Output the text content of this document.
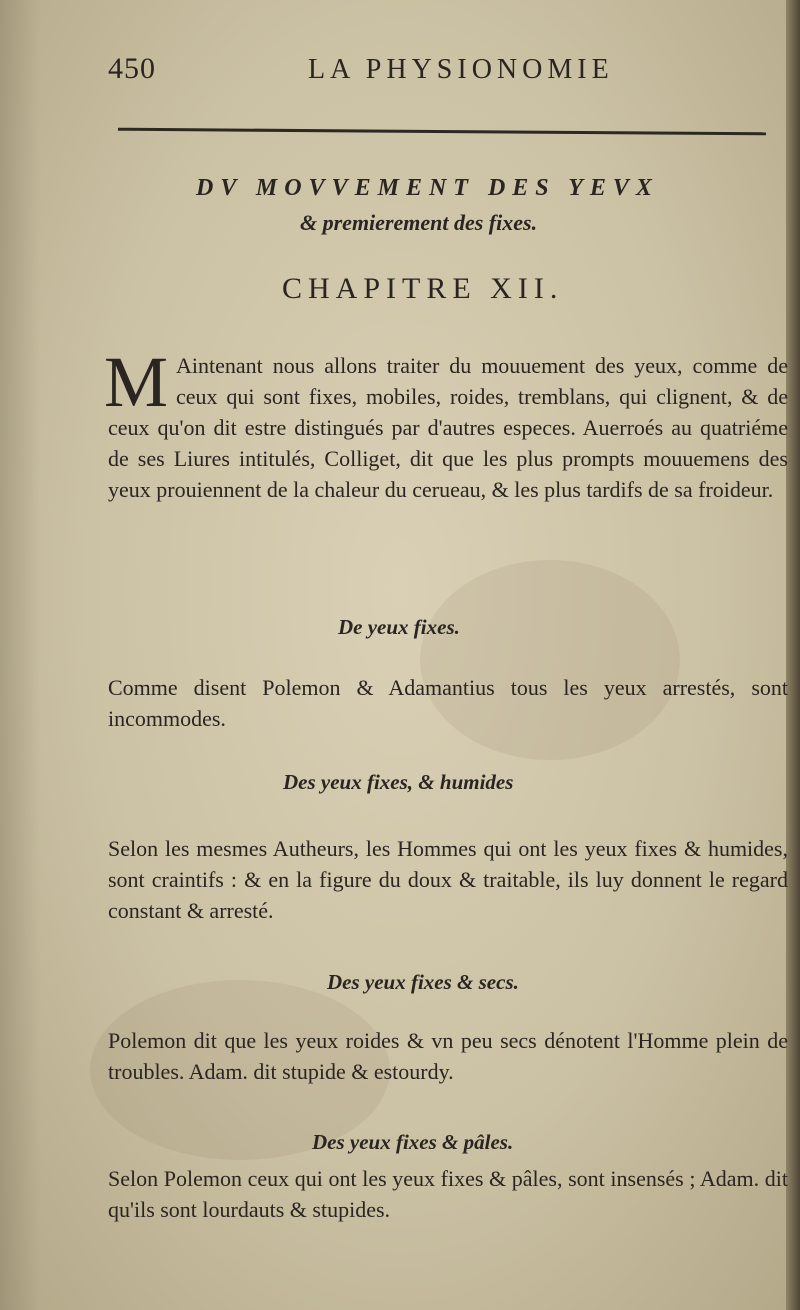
450	LA PHYSIONOMIE
DV MOVVEMENT DES YEVX
& premierement des fixes.
CHAPITRE XII.
M Aintenant nous allons traiter du mouuement des yeux, comme de ceux qui sont fixes, mobiles, roides, tremblans, qui clignent, & de ceux qu'on dit estre distingués par d'autres especes. Auerroés au quatriéme de ses Liures intitulés, Colliget, dit que les plus prompts mouuemens des yeux prouiennent de la chaleur du cerueau, & les plus tardifs de sa froideur.
De yeux fixes.
Comme disent Polemon & Adamantius tous les yeux arrestés, sont incommodes.
Des yeux fixes, & humides
Selon les mesmes Autheurs, les Hommes qui ont les yeux fixes & humides, sont craintifs : & en la figure du doux & traitable, ils luy donnent le regard constant & arresté.
Des yeux fixes & secs.
Polemon dit que les yeux roides & vn peu secs dénotent l'Homme plein de troubles. Adam. dit stupide & estourdy.
Des yeux fixes & pâles.
Selon Polemon ceux qui ont les yeux fixes & pâles, sont insensés ; Adam. dit qu'ils sont lourdauts & stupides.
